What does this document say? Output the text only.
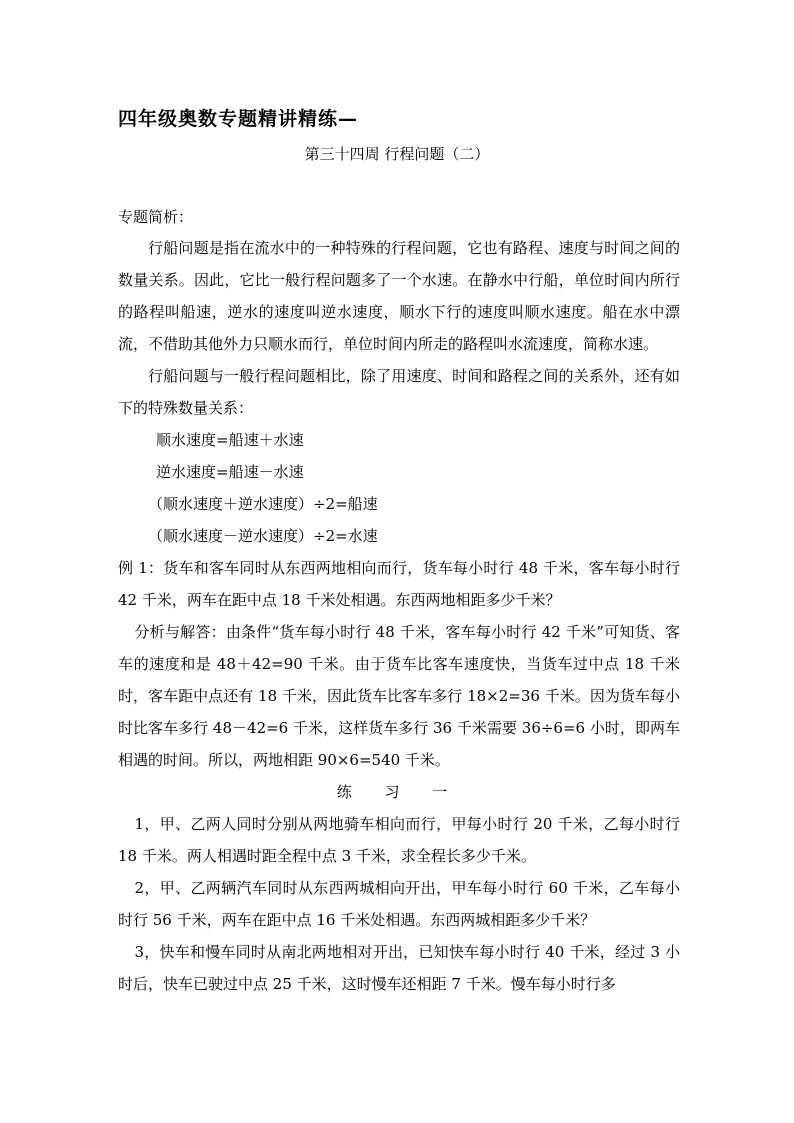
四年级奥数专题精讲精练—
第三十四周 行程问题（二）
专题简析：

行船问题是指在流水中的一种特殊的行程问题，它也有路程、速度与时间之间的数量关系。因此，它比一般行程问题多了一个水速。在静水中行船，单位时间内所行的路程叫船速，逆水的速度叫逆水速度，顺水下行的速度叫顺水速度。船在水中漂流，不借助其他外力只顺水而行，单位时间内所走的路程叫水流速度，简称水速。

行船问题与一般行程问题相比，除了用速度、时间和路程之间的关系外，还有如下的特殊数量关系：

顺水速度=船速＋水速

逆水速度=船速－水速

（顺水速度＋逆水速度）÷2=船速

（顺水速度－逆水速度）÷2=水速

例 1：货车和客车同时从东西两地相向而行，货车每小时行 48 千米，客车每小时行 42 千米，两车在距中点 18 千米处相遇。东西两地相距多少千米？

分析与解答：由条件“货车每小时行 48 千米，客车每小时行 42 千米”可知货、客车的速度和是 48＋42=90 千米。由于货车比客车速度快，当货车过中点 18 千米时，客车距中点还有 18 千米，因此货车比客车多行 18×2=36 千米。因为货车每小时比客车多行 48－42=6 千米，这样货车多行 36 千米需要 36÷6=6 小时，即两车相遇的时间。所以，两地相距 90×6=540 千米。

练 习 一

1，甲、乙两人同时分别从两地骑车相向而行，甲每小时行 20 千米，乙每小时行 18 千米。两人相遇时距全程中点 3 千米，求全程长多少千米。

2，甲、乙两辆汽车同时从东西两城相向开出，甲车每小时行 60 千米，乙车每小时行 56 千米，两车在距中点 16 千米处相遇。东西两城相距多少千米？

3，快车和慢车同时从南北两地相对开出，已知快车每小时行 40 千米，经过 3 小时后，快车已驶过中点 25 千米，这时慢车还相距 7 千米。慢车每小时行多
